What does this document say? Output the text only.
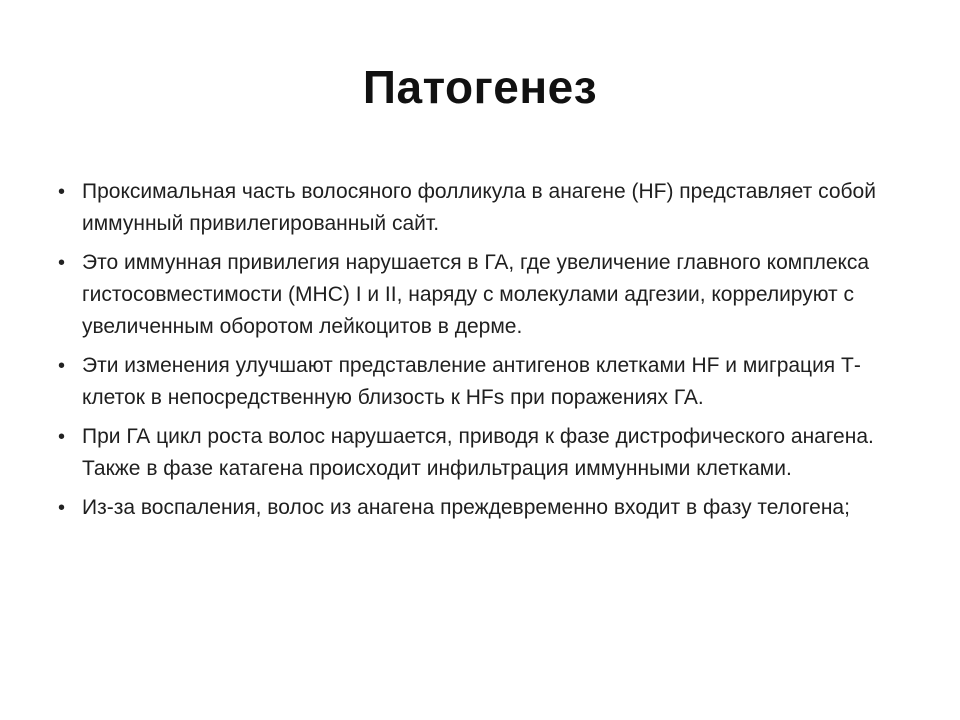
Патогенез
• Проксимальная часть волосяного фолликула в анагене (HF) представляет собой иммунный привилегированный сайт.
• Это иммунная привилегия нарушается в ГА, где увеличение главного комплекса гистосовместимости (MHC) I и II, наряду с молекулами адгезии, коррелируют с увеличенным оборотом лейкоцитов в дерме.
• Эти изменения улучшают представление антигенов клетками HF и миграция Т-клеток в непосредственную близость к HFs при поражениях ГА.
• При ГА цикл роста волос нарушается, приводя к фазе дистрофического анагена. Также в фазе катагена происходит инфильтрация иммунными клетками.
• Из-за воспаления, волос из анагена преждевременно входит в фазу телогена;
